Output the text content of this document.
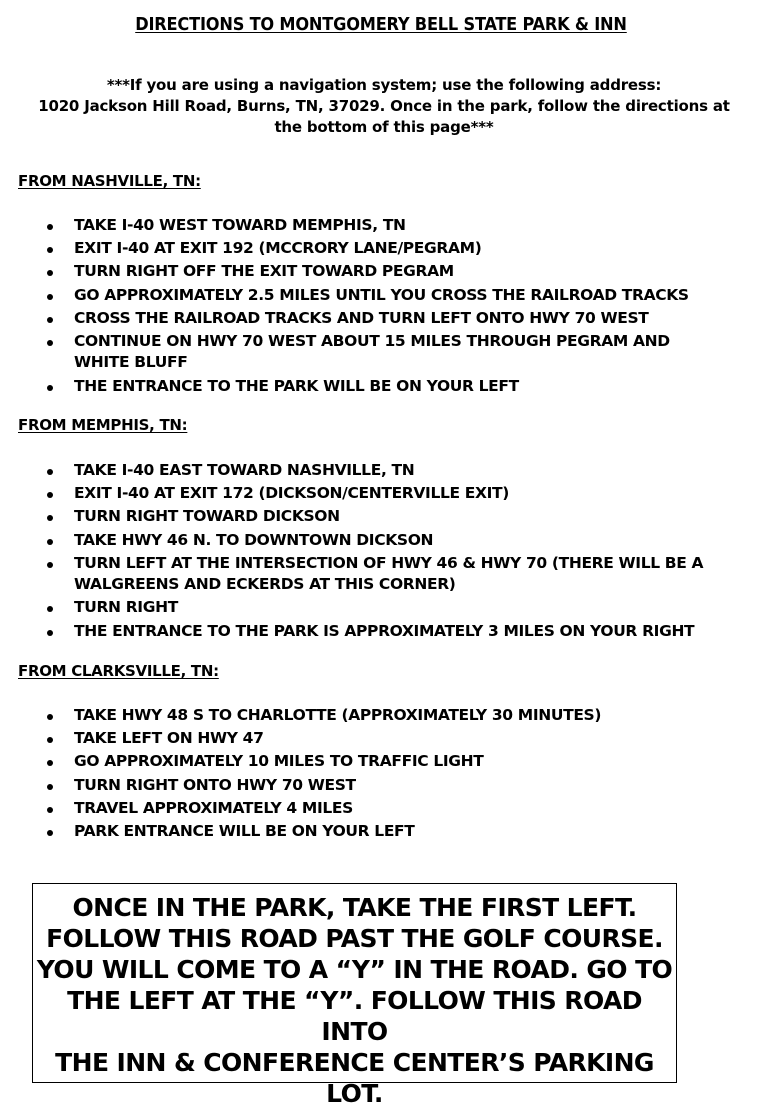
DIRECTIONS TO MONTGOMERY BELL STATE PARK & INN
***If you are using a navigation system; use the following address:
1020 Jackson Hill Road, Burns, TN, 37029. Once in the park, follow the directions at
the bottom of this page***
FROM NASHVILLE, TN:
TAKE I-40 WEST TOWARD MEMPHIS, TN
EXIT I-40 AT EXIT 192 (MCCRORY LANE/PEGRAM)
TURN RIGHT OFF THE EXIT TOWARD PEGRAM
GO APPROXIMATELY 2.5 MILES UNTIL YOU CROSS THE RAILROAD TRACKS
CROSS THE RAILROAD TRACKS AND TURN LEFT ONTO HWY 70 WEST
CONTINUE ON HWY 70 WEST ABOUT 15 MILES THROUGH PEGRAM AND WHITE BLUFF
THE ENTRANCE TO THE PARK WILL BE ON YOUR LEFT
FROM MEMPHIS, TN:
TAKE I-40 EAST TOWARD NASHVILLE, TN
EXIT I-40 AT EXIT 172 (DICKSON/CENTERVILLE EXIT)
TURN RIGHT TOWARD DICKSON
TAKE HWY 46 N. TO DOWNTOWN DICKSON
TURN LEFT AT THE INTERSECTION OF HWY 46 & HWY 70 (THERE WILL BE A WALGREENS AND ECKERDS AT THIS CORNER)
TURN RIGHT
THE ENTRANCE TO THE PARK IS APPROXIMATELY 3 MILES ON YOUR RIGHT
FROM CLARKSVILLE, TN:
TAKE HWY 48 S TO CHARLOTTE (APPROXIMATELY 30 MINUTES)
TAKE LEFT ON HWY 47
GO APPROXIMATELY 10 MILES TO TRAFFIC LIGHT
TURN RIGHT ONTO HWY 70 WEST
TRAVEL APPROXIMATELY 4 MILES
PARK ENTRANCE WILL BE ON YOUR LEFT
ONCE IN THE PARK, TAKE THE FIRST LEFT.
FOLLOW THIS ROAD PAST THE GOLF COURSE.
YOU WILL COME TO A “Y” IN THE ROAD. GO TO
THE LEFT AT THE “Y”. FOLLOW THIS ROAD INTO
THE INN & CONFERENCE CENTER’S PARKING LOT.
